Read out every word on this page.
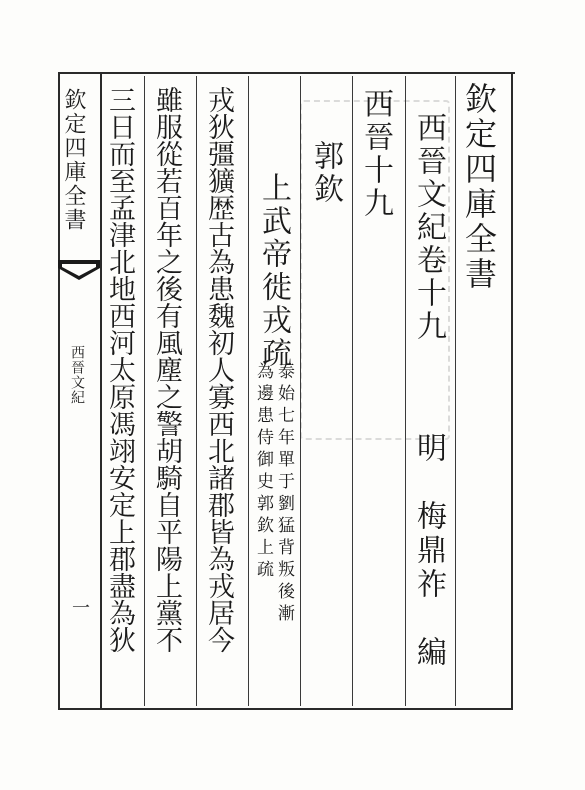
欽定四庫全書
西晉文紀
一
欽定四庫全書
西晉文紀卷十九
明　梅鼎祚　編
西晉十九
郭欽
上武帝徙戎疏
泰始七年單于劉猛背叛後漸
為邊患侍御史郭欽上疏
戎狄彊獷歴古為患魏初人寡西北諸郡皆為戎居今
雖服從若百年之後有風塵之警胡騎自平陽上黨不
三日而至孟津北地西河太原馮翊安定上郡盡為狄
